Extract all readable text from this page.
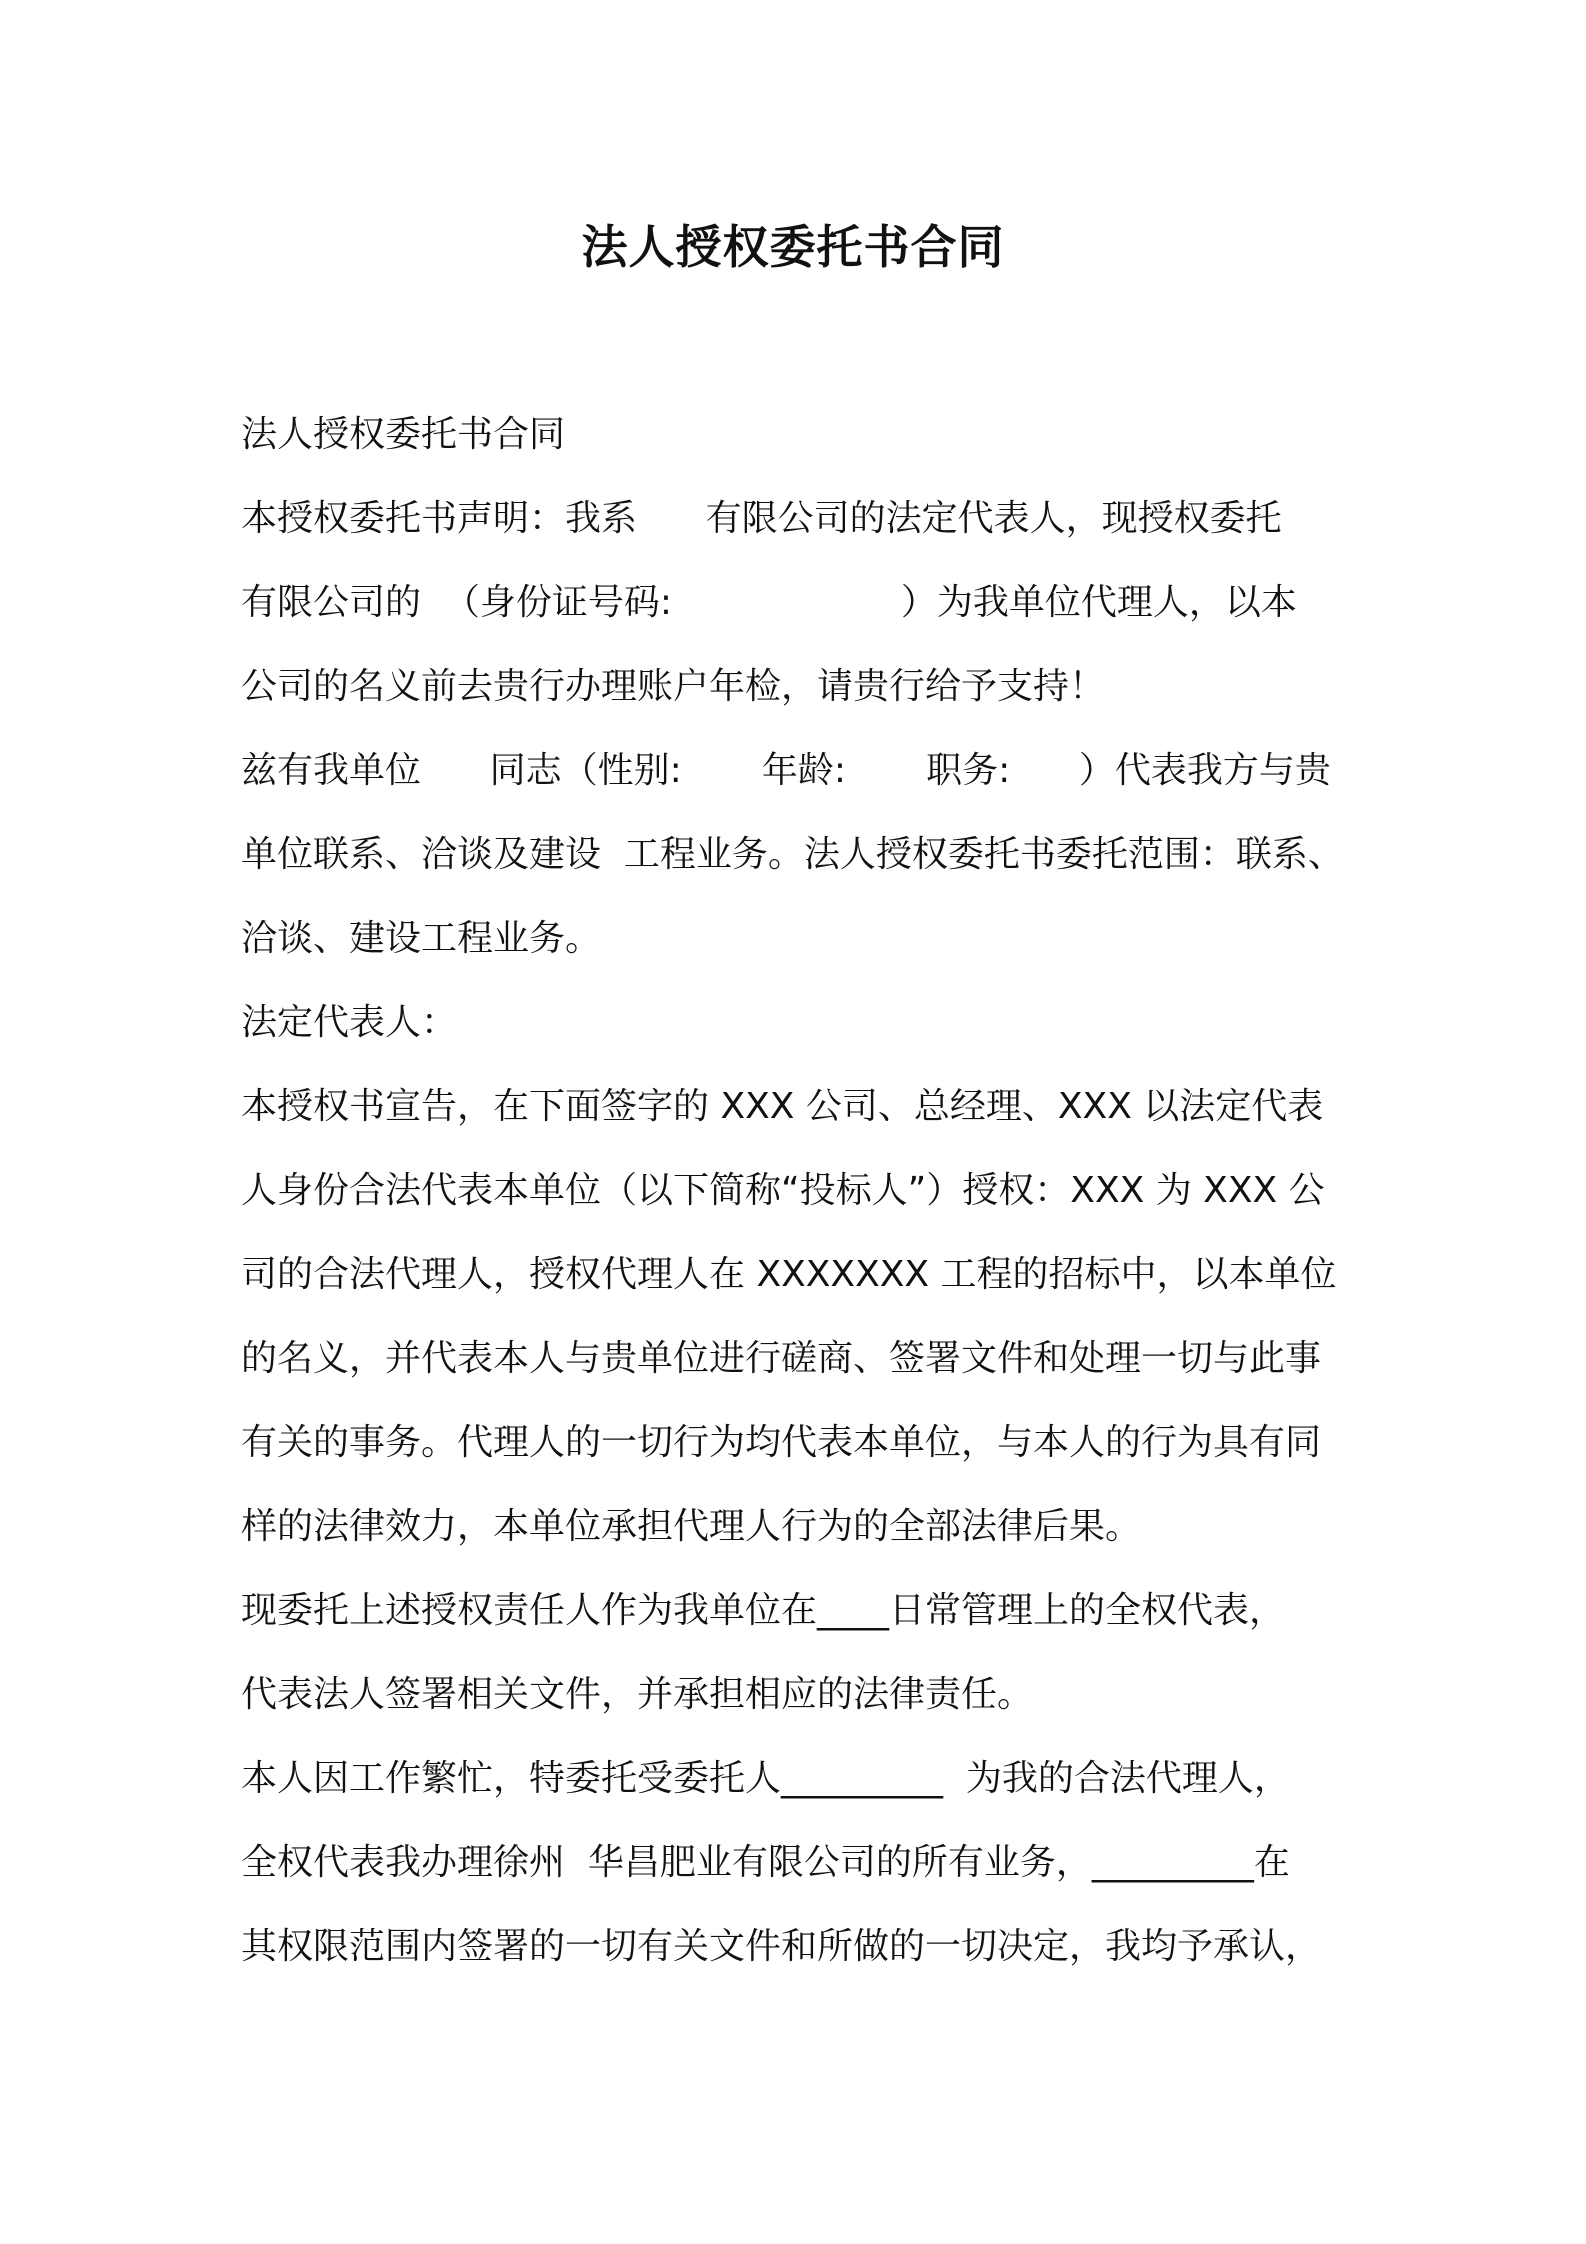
法人授权委托书合同
法人授权委托书合同
本授权委托书声明：我系      有限公司的法定代表人，现授权委托
有限公司的  （身份证号码:                    ）为我单位代理人，以本
公司的名义前去贵行办理账户年检，请贵行给予支持！
兹有我单位      同志（性别:       年龄:       职务:      ）代表我方与贵
单位联系、洽谈及建设  工程业务。法人授权委托书委托范围：联系、
洽谈、建设工程业务。
法定代表人：
本授权书宣告，在下面签字的 XXX 公司、总经理、XXX 以法定代表
人身份合法代表本单位（以下简称“投标人”）授权：XXX 为 XXX 公
司的合法代理人，授权代理人在 XXXXXXX 工程的招标中，以本单位
的名义，并代表本人与贵单位进行磋商、签署文件和处理一切与此事
有关的事务。代理人的一切行为均代表本单位，与本人的行为具有同
样的法律效力，本单位承担代理人行为的全部法律后果。
现委托上述授权责任人作为我单位在____日常管理上的全权代表，
代表法人签署相关文件，并承担相应的法律责任。
本人因工作繁忙，特委托受委托人_________  为我的合法代理人，
全权代表我办理徐州  华昌肥业有限公司的所有业务，_________在
其权限范围内签署的一切有关文件和所做的一切决定，我均予承认，
